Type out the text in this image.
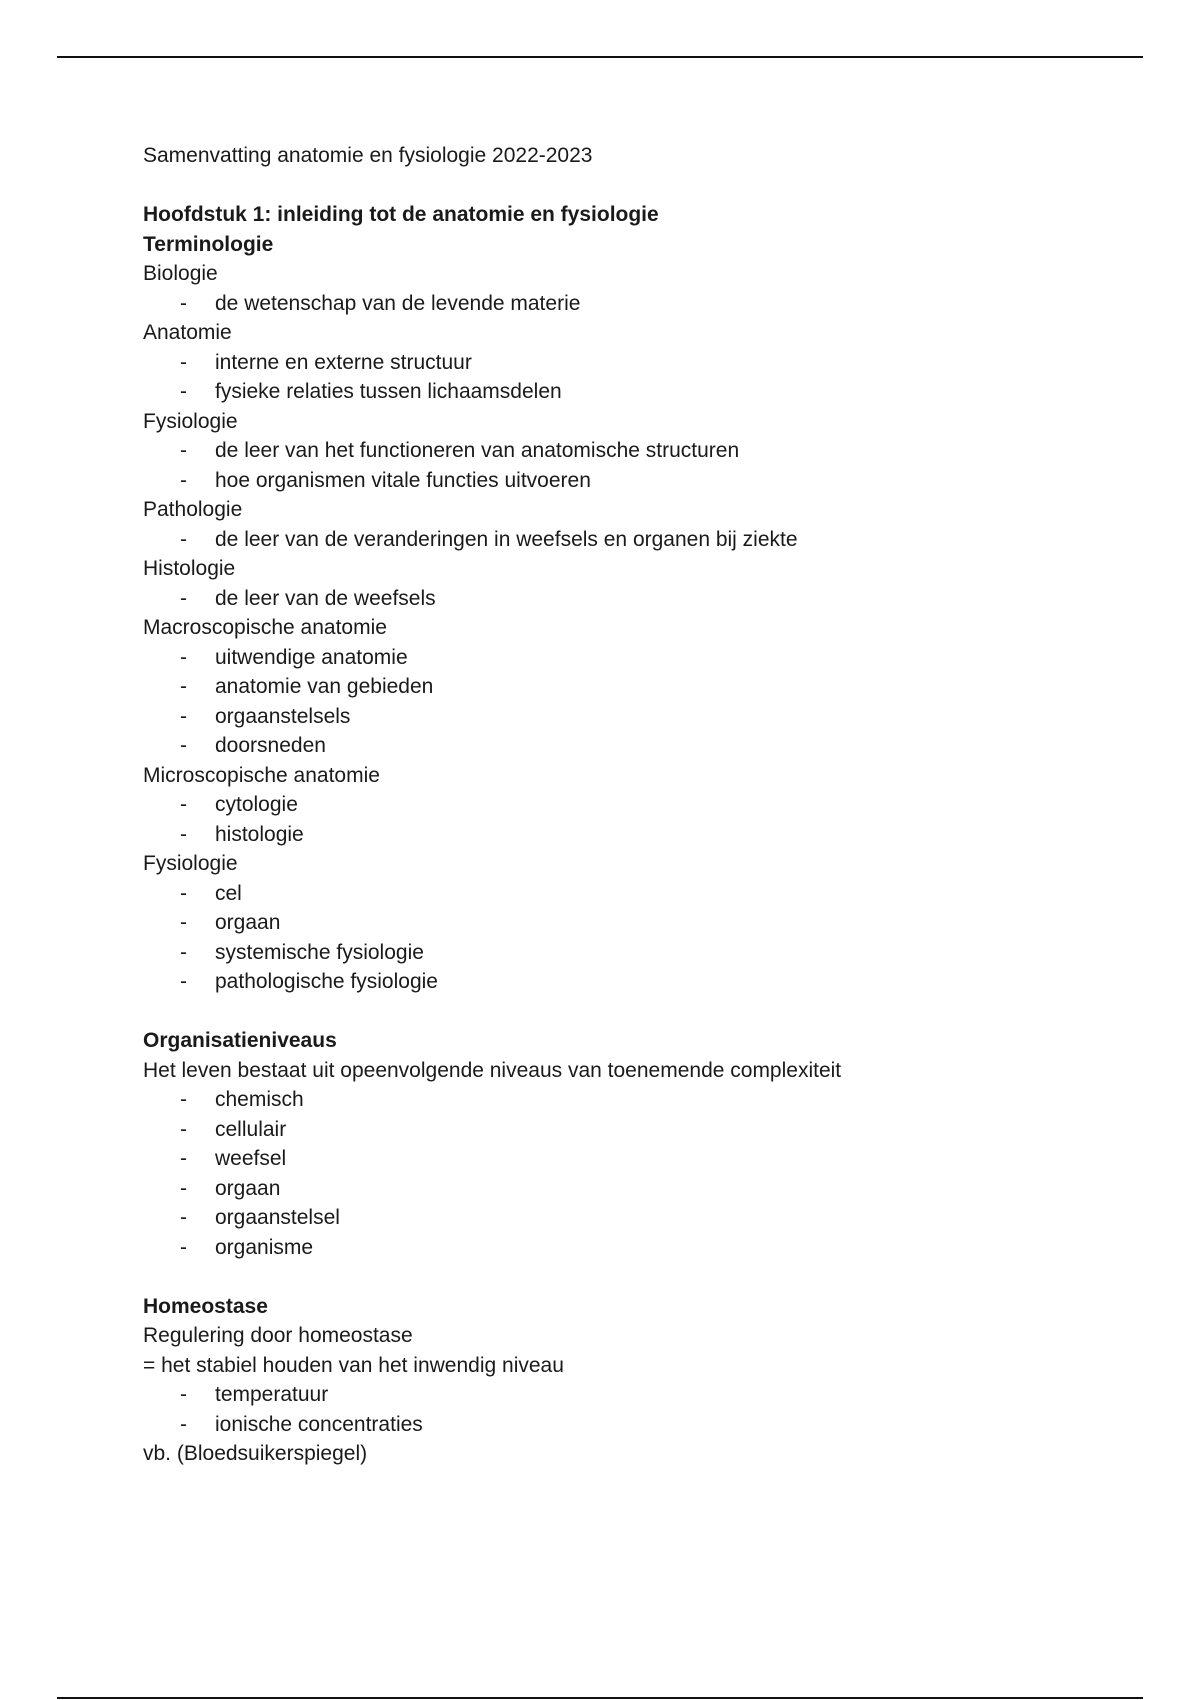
Samenvatting anatomie en fysiologie 2022-2023
Hoofdstuk 1: inleiding tot de anatomie en fysiologie
Terminologie
Biologie
-	de wetenschap van de levende materie
Anatomie
-	interne en externe structuur
-	fysieke relaties tussen lichaamsdelen
Fysiologie
-	de leer van het functioneren van anatomische structuren
-	hoe organismen vitale functies uitvoeren
Pathologie
-	de leer van de veranderingen in weefsels en organen bij ziekte
Histologie
-	de leer van de weefsels
Macroscopische anatomie
-	uitwendige anatomie
-	anatomie van gebieden
-	orgaanstelsels
-	doorsneden
Microscopische anatomie
-	cytologie
-	histologie
Fysiologie
-	cel
-	orgaan
-	systemische fysiologie
-	pathologische fysiologie
Organisatieniveaus
Het leven bestaat uit opeenvolgende niveaus van toenemende complexiteit
-	chemisch
-	cellulair
-	weefsel
-	orgaan
-	orgaanstelsel
-	organisme
Homeostase
Regulering door homeostase
= het stabiel houden van het inwendig niveau
-	temperatuur
-	ionische concentraties
vb. (Bloedsuikerspiegel)
